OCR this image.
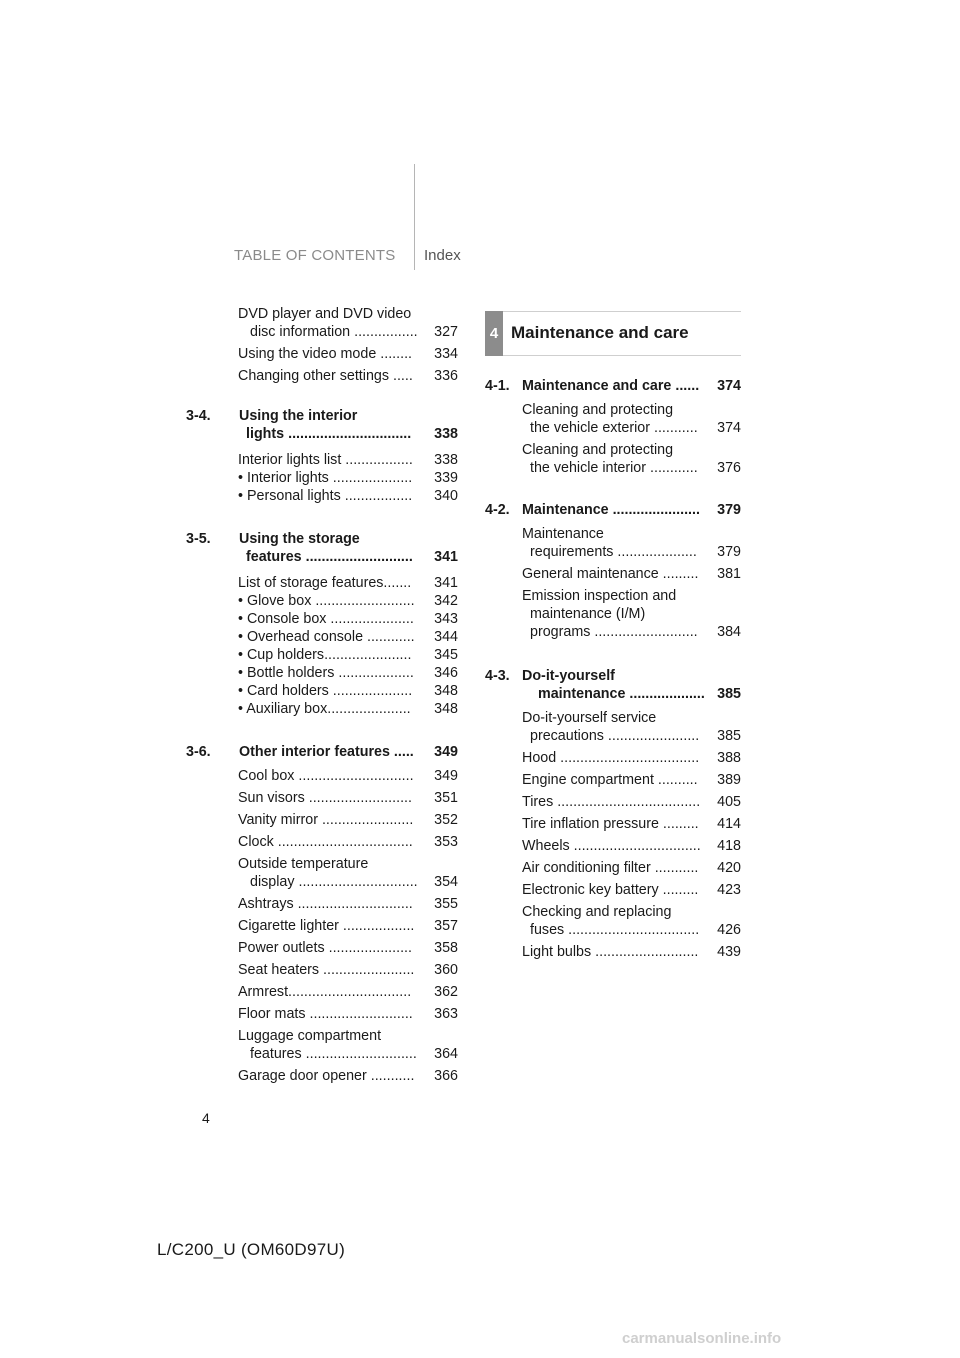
TABLE OF CONTENTS Index
DVD player and DVD video
disc information ................ 327
Using the video mode ........ 334
Changing other settings ..... 336
3-4. Using the interior
lights ............................... 338
Interior lights list ................. 338
• Interior lights .................... 339
• Personal lights ................. 340
3-5. Using the storage
features ........................... 341
List of storage features....... 341
• Glove box ......................... 342
• Console box ..................... 343
• Overhead console ............ 344
• Cup holders...................... 345
• Bottle holders ................... 346
• Card holders .................... 348
• Auxiliary box..................... 348
3-6. Other interior features ..... 349
Cool box ............................. 349
Sun visors .......................... 351
Vanity mirror ....................... 352
Clock .................................. 353
Outside temperature
display .............................. 354
Ashtrays ............................. 355
Cigarette lighter .................. 357
Power outlets ..................... 358
Seat heaters ....................... 360
Armrest............................... 362
Floor mats .......................... 363
Luggage compartment
features ............................ 364
Garage door opener ........... 366
4 Maintenance and care
4-1. Maintenance and care ...... 374
Cleaning and protecting
the vehicle exterior ........... 374
Cleaning and protecting
the vehicle interior ............ 376
4-2. Maintenance ...................... 379
Maintenance
requirements .................... 379
General maintenance ......... 381
Emission inspection and
maintenance (I/M)
programs .......................... 384
4-3. Do-it-yourself
maintenance ................... 385
Do-it-yourself service
precautions ....................... 385
Hood ................................... 388
Engine compartment .......... 389
Tires .................................... 405
Tire inflation pressure ......... 414
Wheels ................................ 418
Air conditioning filter ........... 420
Electronic key battery ......... 423
Checking and replacing
fuses ................................. 426
Light bulbs .......................... 439
4
L/C200_U (OM60D97U)
carmanualsonline.info
